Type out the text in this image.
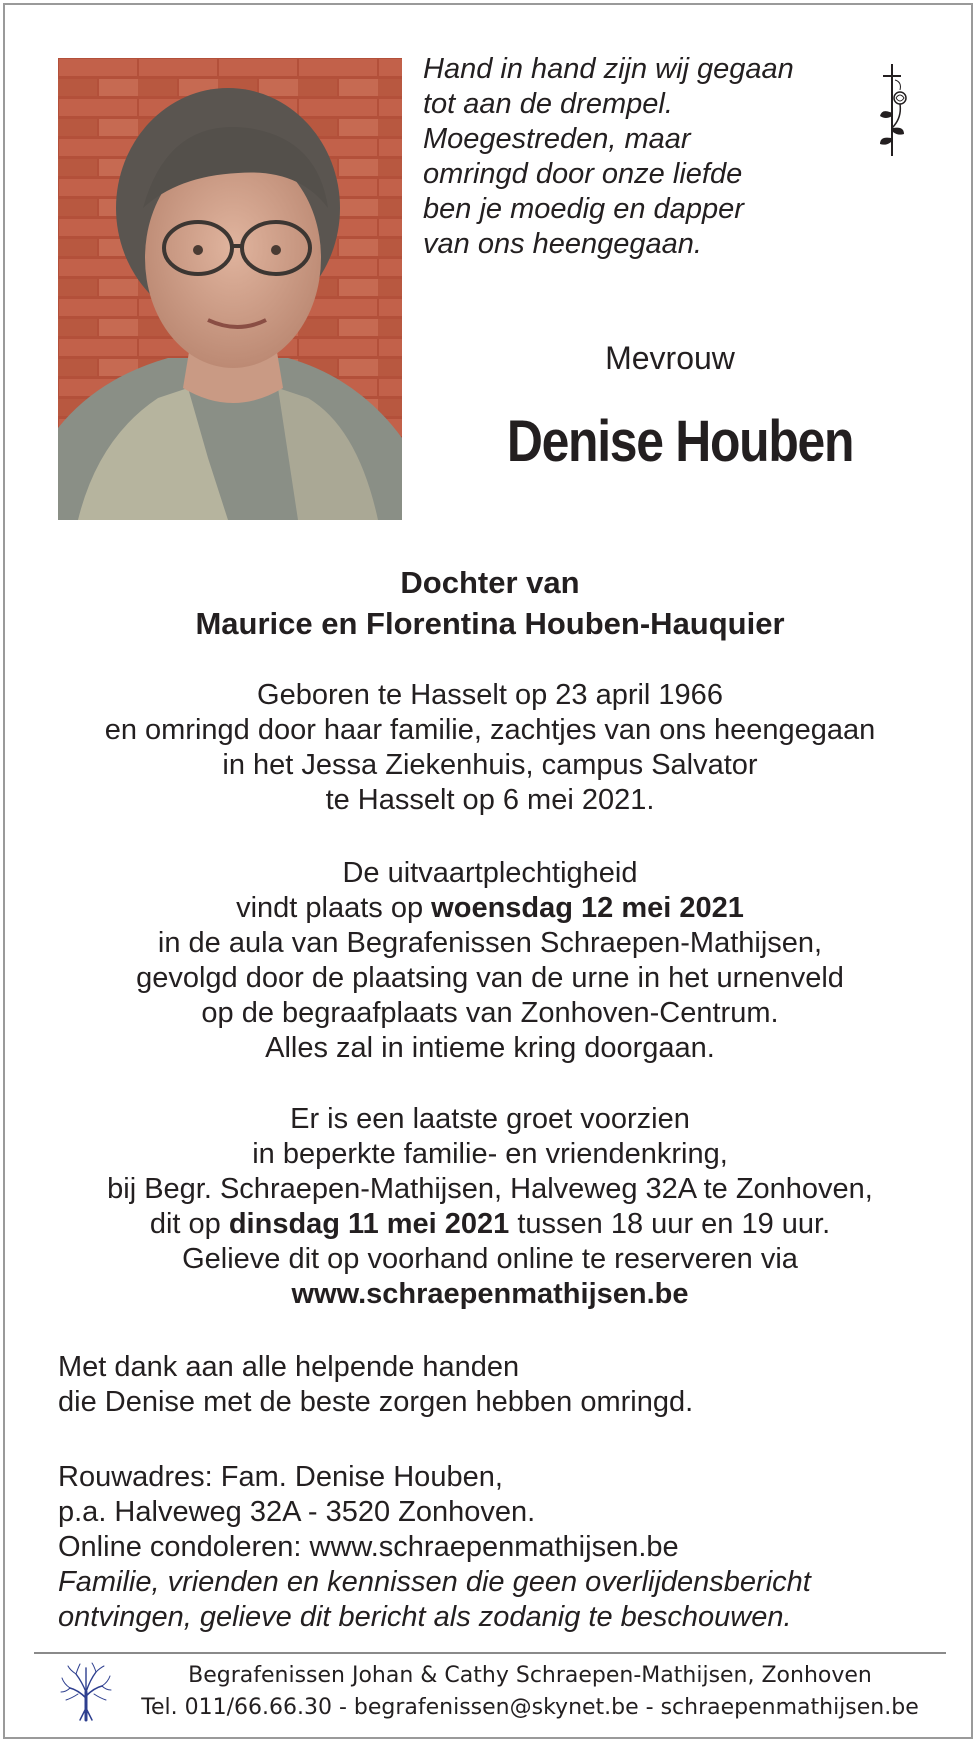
Hand in hand zijn wij gegaan
tot aan de drempel.
Moegestreden, maar
omringd door onze liefde
ben je moedig en dapper
van ons heengegaan.
Mevrouw
Denise Houben
Dochter van
Maurice en Florentina Houben-Hauquier
Geboren te Hasselt op 23 april 1966
en omringd door haar familie, zachtjes van ons heengegaan
in het Jessa Ziekenhuis, campus Salvator
te Hasselt op 6 mei 2021.
De uitvaartplechtigheid
vindt plaats op woensdag 12 mei 2021
in de aula van Begrafenissen Schraepen-Mathijsen,
gevolgd door de plaatsing van de urne in het urnenveld
op de begraafplaats van Zonhoven-Centrum.
Alles zal in intieme kring doorgaan.
Er is een laatste groet voorzien
in beperkte familie- en vriendenkring,
bij Begr. Schraepen-Mathijsen, Halveweg 32A te Zonhoven,
dit op dinsdag 11 mei 2021 tussen 18 uur en 19 uur.
Gelieve dit op voorhand online te reserveren via
www.schraepenmathijsen.be
Met dank aan alle helpende handen
die Denise met de beste zorgen hebben omringd.
Rouwadres: Fam. Denise Houben,
p.a. Halveweg 32A - 3520 Zonhoven.
Online condoleren: www.schraepenmathijsen.be
Familie, vrienden en kennissen die geen overlijdensbericht
ontvingen, gelieve dit bericht als zodanig te beschouwen.
Begrafenissen Johan & Cathy Schraepen-Mathijsen, Zonhoven
Tel. 011/66.66.30 - begrafenissen@skynet.be - schraepenmathijsen.be
